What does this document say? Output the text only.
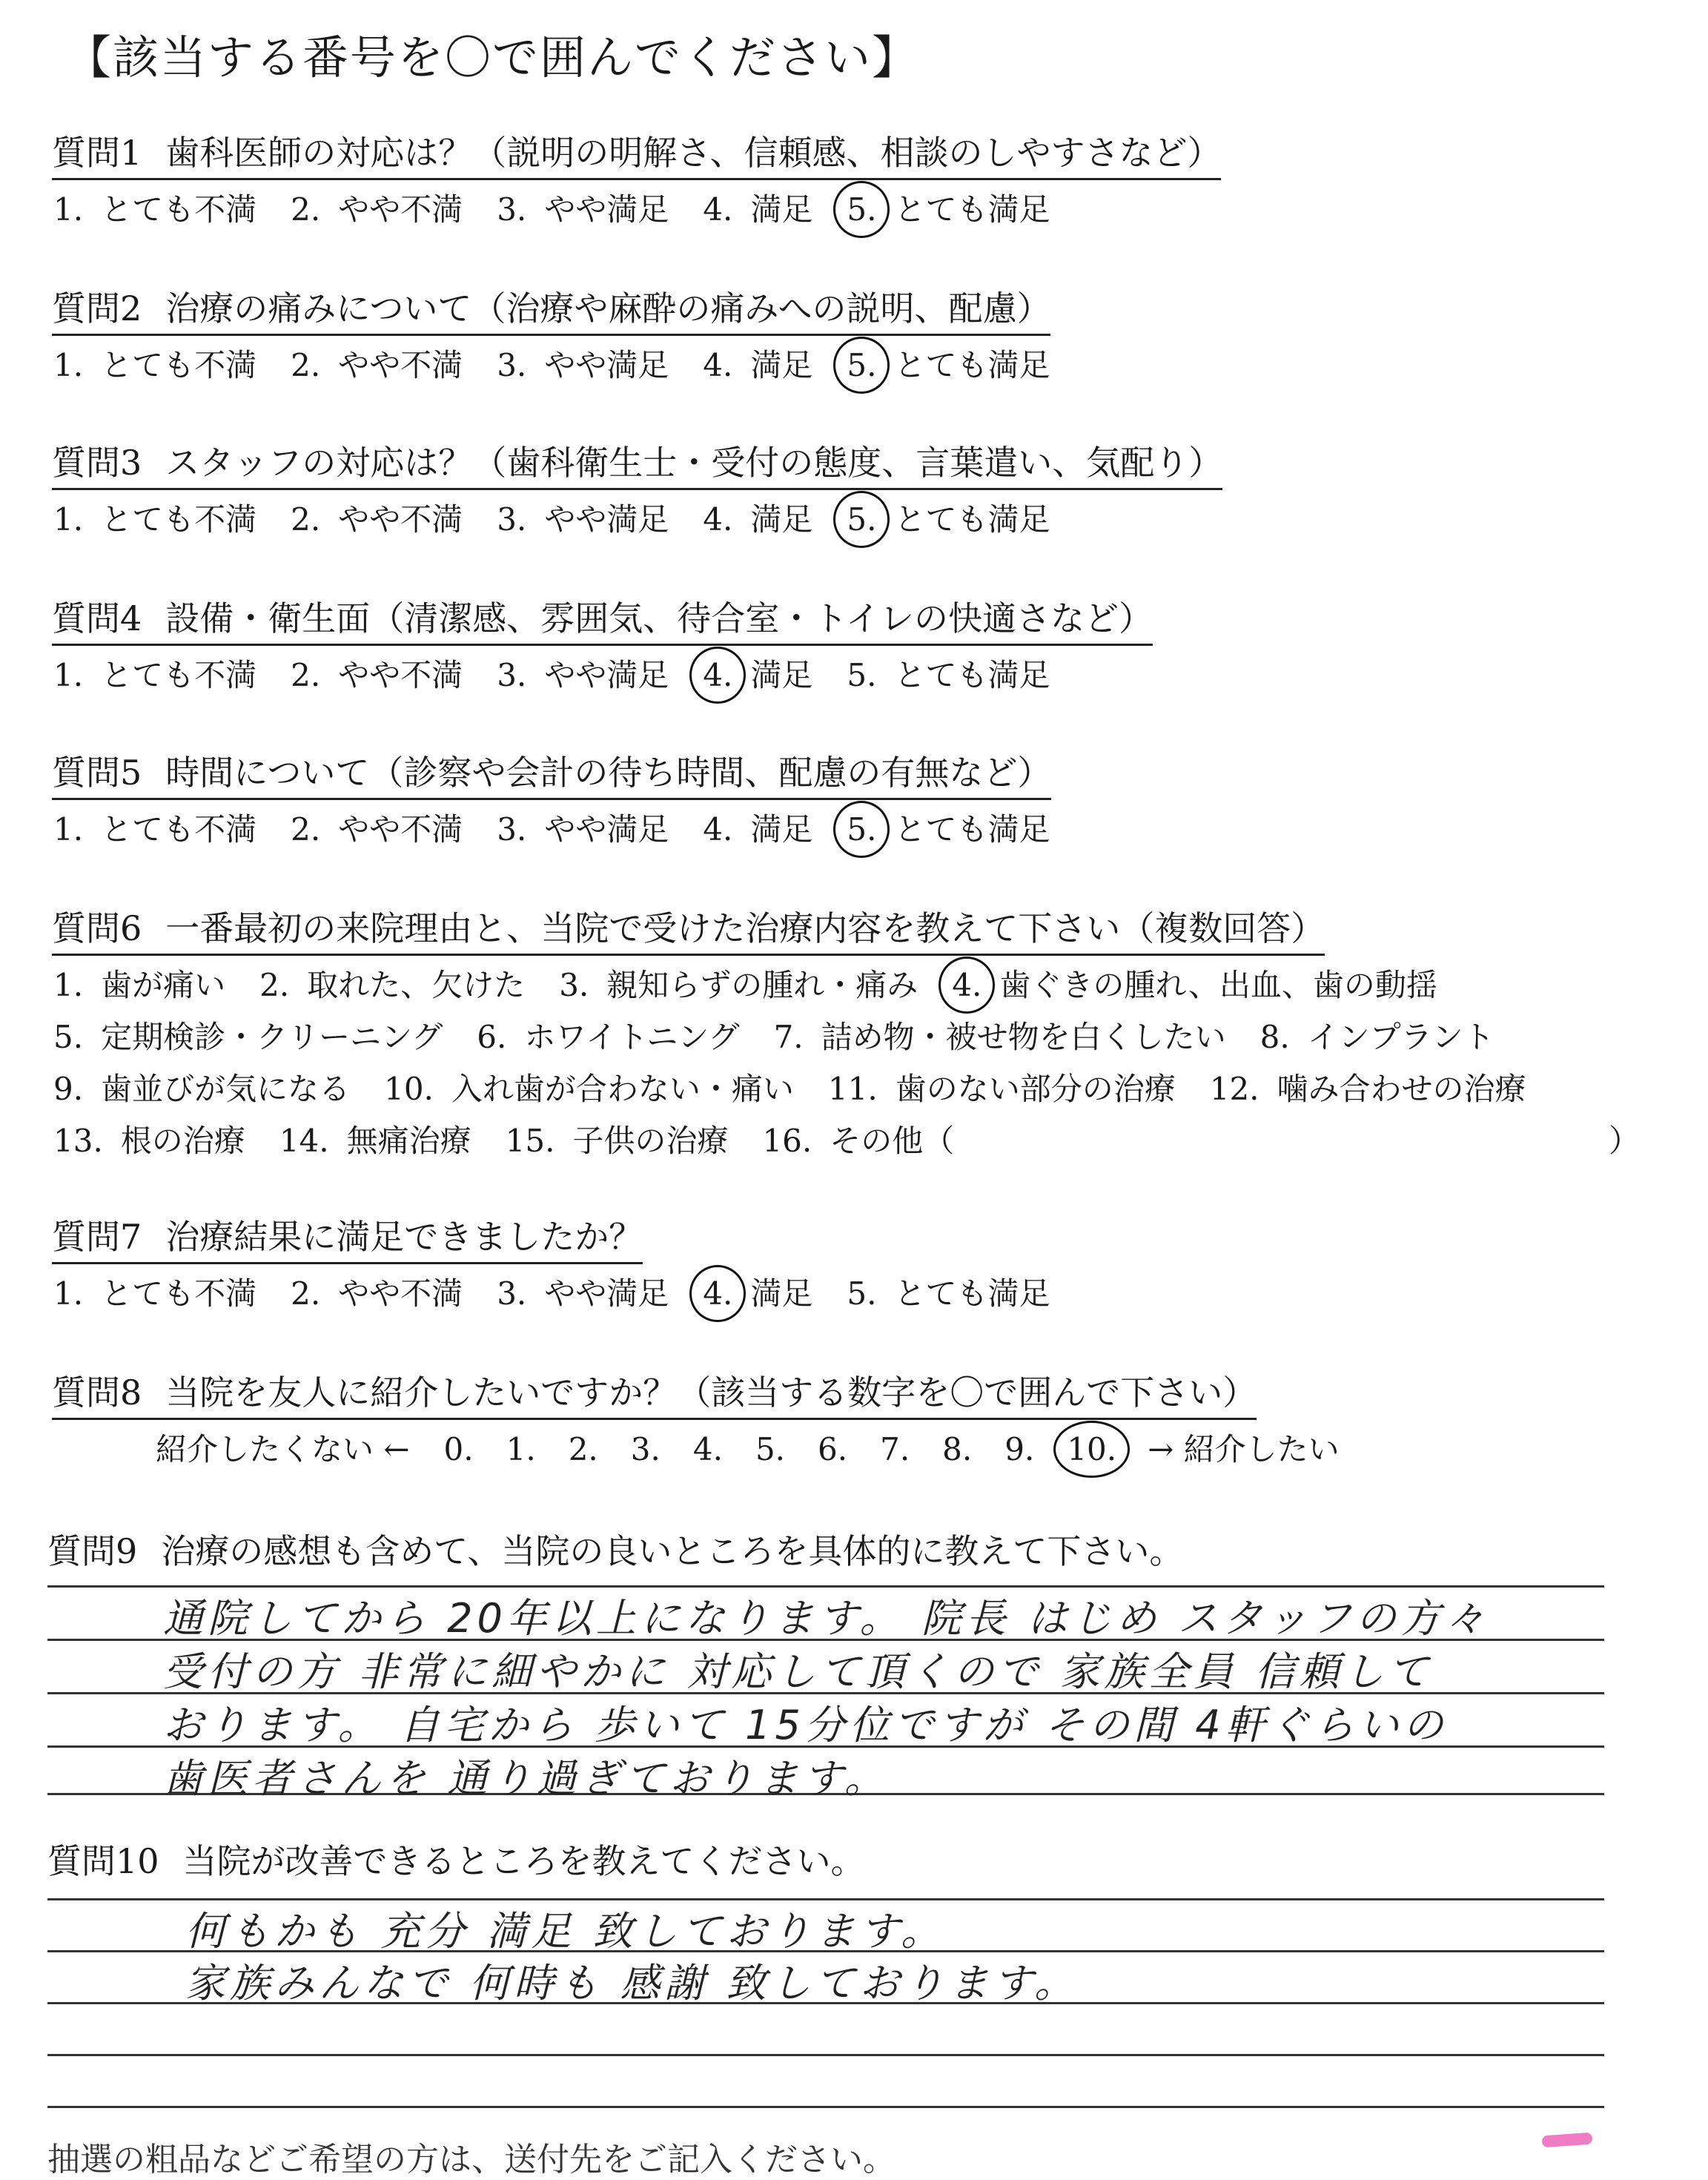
【該当する番号を〇で囲んでください】
質問1 歯科医師の対応は？（説明の明解さ、信頼感、相談のしやすさなど）
1. とても不満 2. やや不満 3. やや満足 4. 満足 5. とても満足
質問2 治療の痛みについて（治療や麻酔の痛みへの説明、配慮）
1. とても不満 2. やや不満 3. やや満足 4. 満足 5. とても満足
質問3 スタッフの対応は？（歯科衛生士・受付の態度、言葉遣い、気配り）
1. とても不満 2. やや不満 3. やや満足 4. 満足 5. とても満足
質問4 設備・衛生面（清潔感、雰囲気、待合室・トイレの快適さなど）
1. とても不満 2. やや不満 3. やや満足 4. 満足 5. とても満足
質問5 時間について（診察や会計の待ち時間、配慮の有無など）
1. とても不満 2. やや不満 3. やや満足 4. 満足 5. とても満足
質問6 一番最初の来院理由と、当院で受けた治療内容を教えて下さい（複数回答）
1. 歯が痛い 2. 取れた、欠けた 3. 親知らずの腫れ・痛み 4. 歯ぐきの腫れ、出血、歯の動揺
5. 定期検診・クリーニング 6. ホワイトニング 7. 詰め物・被せ物を白くしたい 8. インプラント
9. 歯並びが気になる 10. 入れ歯が合わない・痛い 11. 歯のない部分の治療 12. 噛み合わせの治療
13. 根の治療 14. 無痛治療 15. 子供の治療 16. その他（	）
質問7 治療結果に満足できましたか？
1. とても不満 2. やや不満 3. やや満足 4. 満足 5. とても満足
質問8 当院を友人に紹介したいですか？（該当する数字を〇で囲んで下さい）
紹介したくない ← 0. 1. 2. 3. 4. 5. 6. 7. 8. 9. 10. → 紹介したい
質問9 治療の感想も含めて、当院の良いところを具体的に教えて下さい。
通院してから 20年以上になります。 院長 はじめ スタッフの方々
受付の方 非常に細やかに 対応して頂くので 家族全員 信頼して
おります。 自宅から 歩いて 15分位ですが その間 4軒ぐらいの
歯医者さんを 通り過ぎております。
質問10 当院が改善できるところを教えてください。
何もかも 充分 満足 致しております。
家族みんなで 何時も 感謝 致しております。
抽選の粗品などご希望の方は、送付先をご記入ください。
